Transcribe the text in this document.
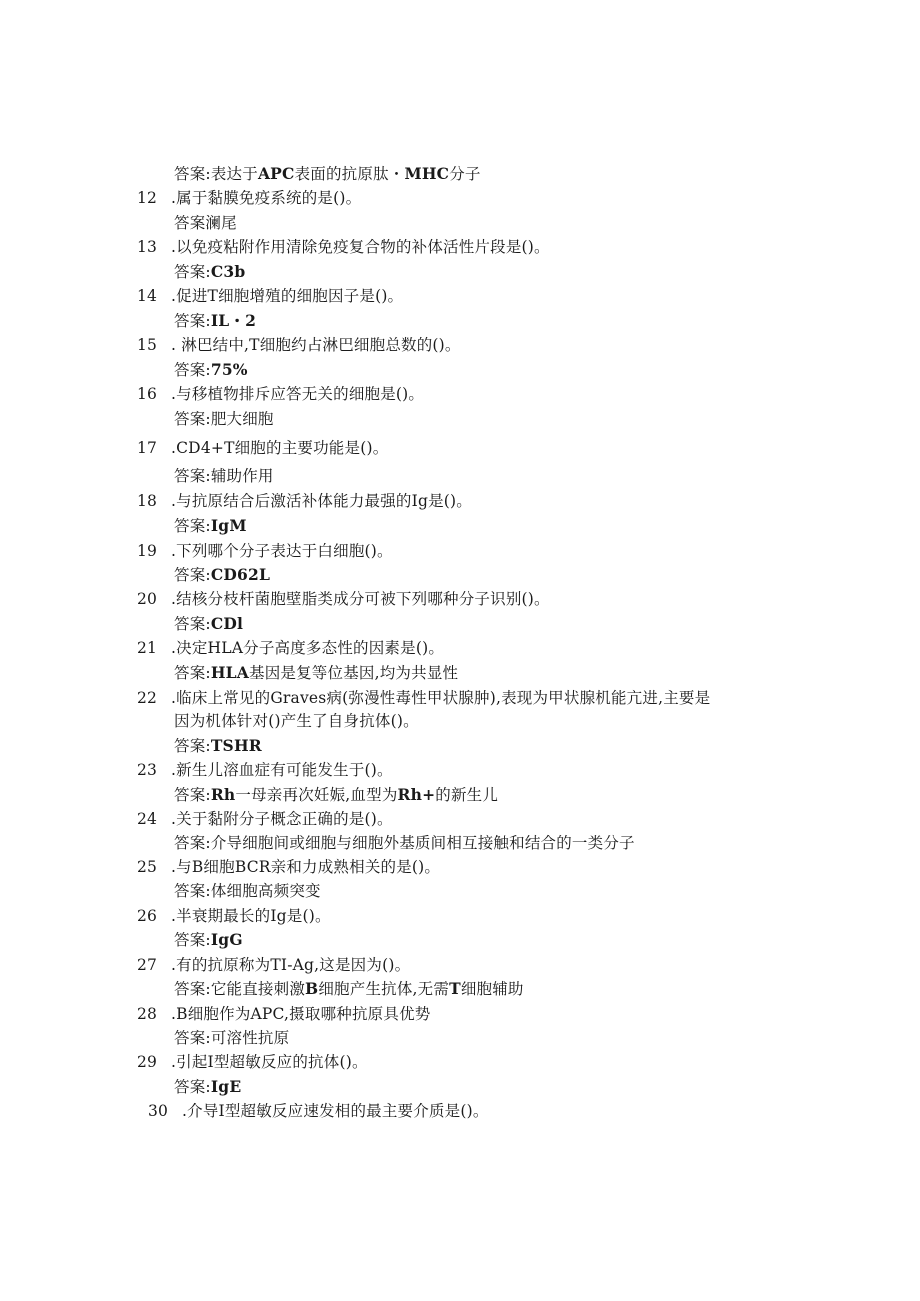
答案:表达于APC表面的抗原肽・MHC分子
12 .属于黏膜免疫系统的是()。
答案澜尾
13 .以免疫粘附作用清除免疫复合物的补体活性片段是()。
答案:C3b
14 .促进T细胞增殖的细胞因子是()。
答案:IL・2
15 . 淋巴结中,T细胞约占淋巴细胞总数的()。
答案:75%
16 .与移植物排斥应答无关的细胞是()。
答案:肥大细胞
17 .CD4+T细胞的主要功能是()。
答案:辅助作用
18 .与抗原结合后激活补体能力最强的Ig是()。
答案:IgM
19 .下列哪个分子表达于白细胞()。
答案:CD62L
20 .结核分枝杆菌胞壁脂类成分可被下列哪种分子识别()。
答案:CDl
21 .决定HLA分子高度多态性的因素是()。
答案:HLA基因是复等位基因,均为共显性
22 .临床上常见的Graves病(弥漫性毒性甲状腺肿),表现为甲状腺机能亢进,主要是
因为机体针对()产生了自身抗体()。
答案:TSHR
23 .新生儿溶血症有可能发生于()。
答案:Rh一母亲再次妊娠,血型为Rh+的新生儿
24 .关于黏附分子概念正确的是()。
答案:介导细胞间或细胞与细胞外基质间相互接触和结合的一类分子
25 .与B细胞BCR亲和力成熟相关的是()。
答案:体细胞高频突变
26 .半衰期最长的Ig是()。
答案:IgG
27 .有的抗原称为TI-Ag,这是因为()。
答案:它能直接刺激B细胞产生抗体,无需T细胞辅助
28 .B细胞作为APC,摄取哪种抗原具优势
答案:可溶性抗原
29 .引起I型超敏反应的抗体()。
答案:IgE
30 .介导I型超敏反应速发相的最主要介质是()。
